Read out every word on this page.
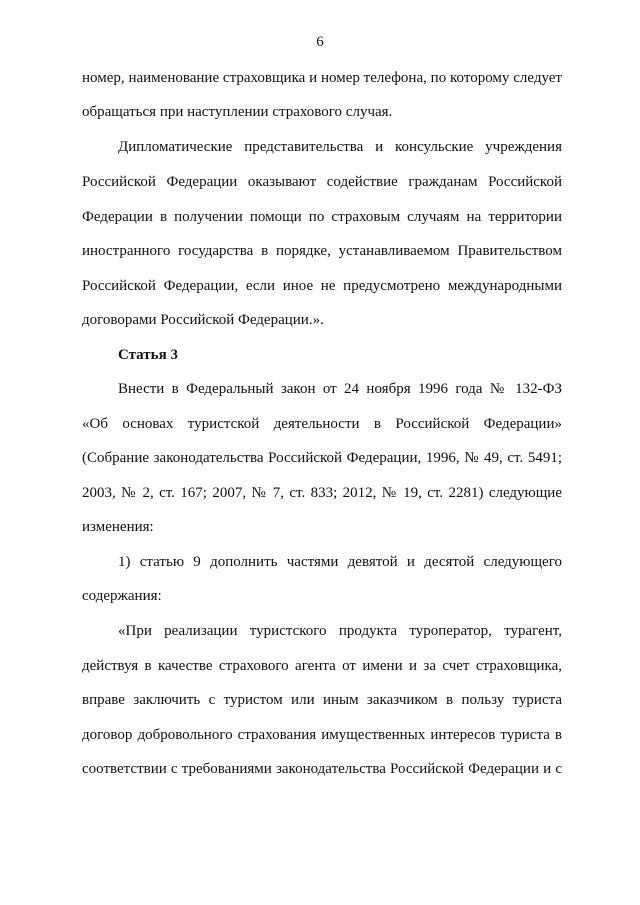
6
номер, наименование страховщика и номер телефона, по которому следует
обращаться при наступлении страхового случая.
Дипломатические представительства и консульские учреждения
Российской Федерации оказывают содействие гражданам Российской
Федерации в получении помощи по страховым случаям на территории
иностранного государства в порядке, устанавливаемом Правительством
Российской Федерации, если иное не предусмотрено международными
договорами Российской Федерации.».
Статья 3
Внести в Федеральный закон от 24 ноября 1996 года № 132-ФЗ
«Об основах туристской деятельности в Российской Федерации»
(Собрание законодательства Российской Федерации, 1996, № 49, ст. 5491;
2003, № 2, ст. 167; 2007, № 7, ст. 833; 2012, № 19, ст. 2281) следующие
изменения:
1) статью 9 дополнить частями девятой и десятой следующего
содержания:
«При реализации туристского продукта туроператор, турагент,
действуя в качестве страхового агента от имени и за счет страховщика,
вправе заключить с туристом или иным заказчиком в пользу туриста
договор добровольного страхования имущественных интересов туриста в
соответствии с требованиями законодательства Российской Федерации и с
